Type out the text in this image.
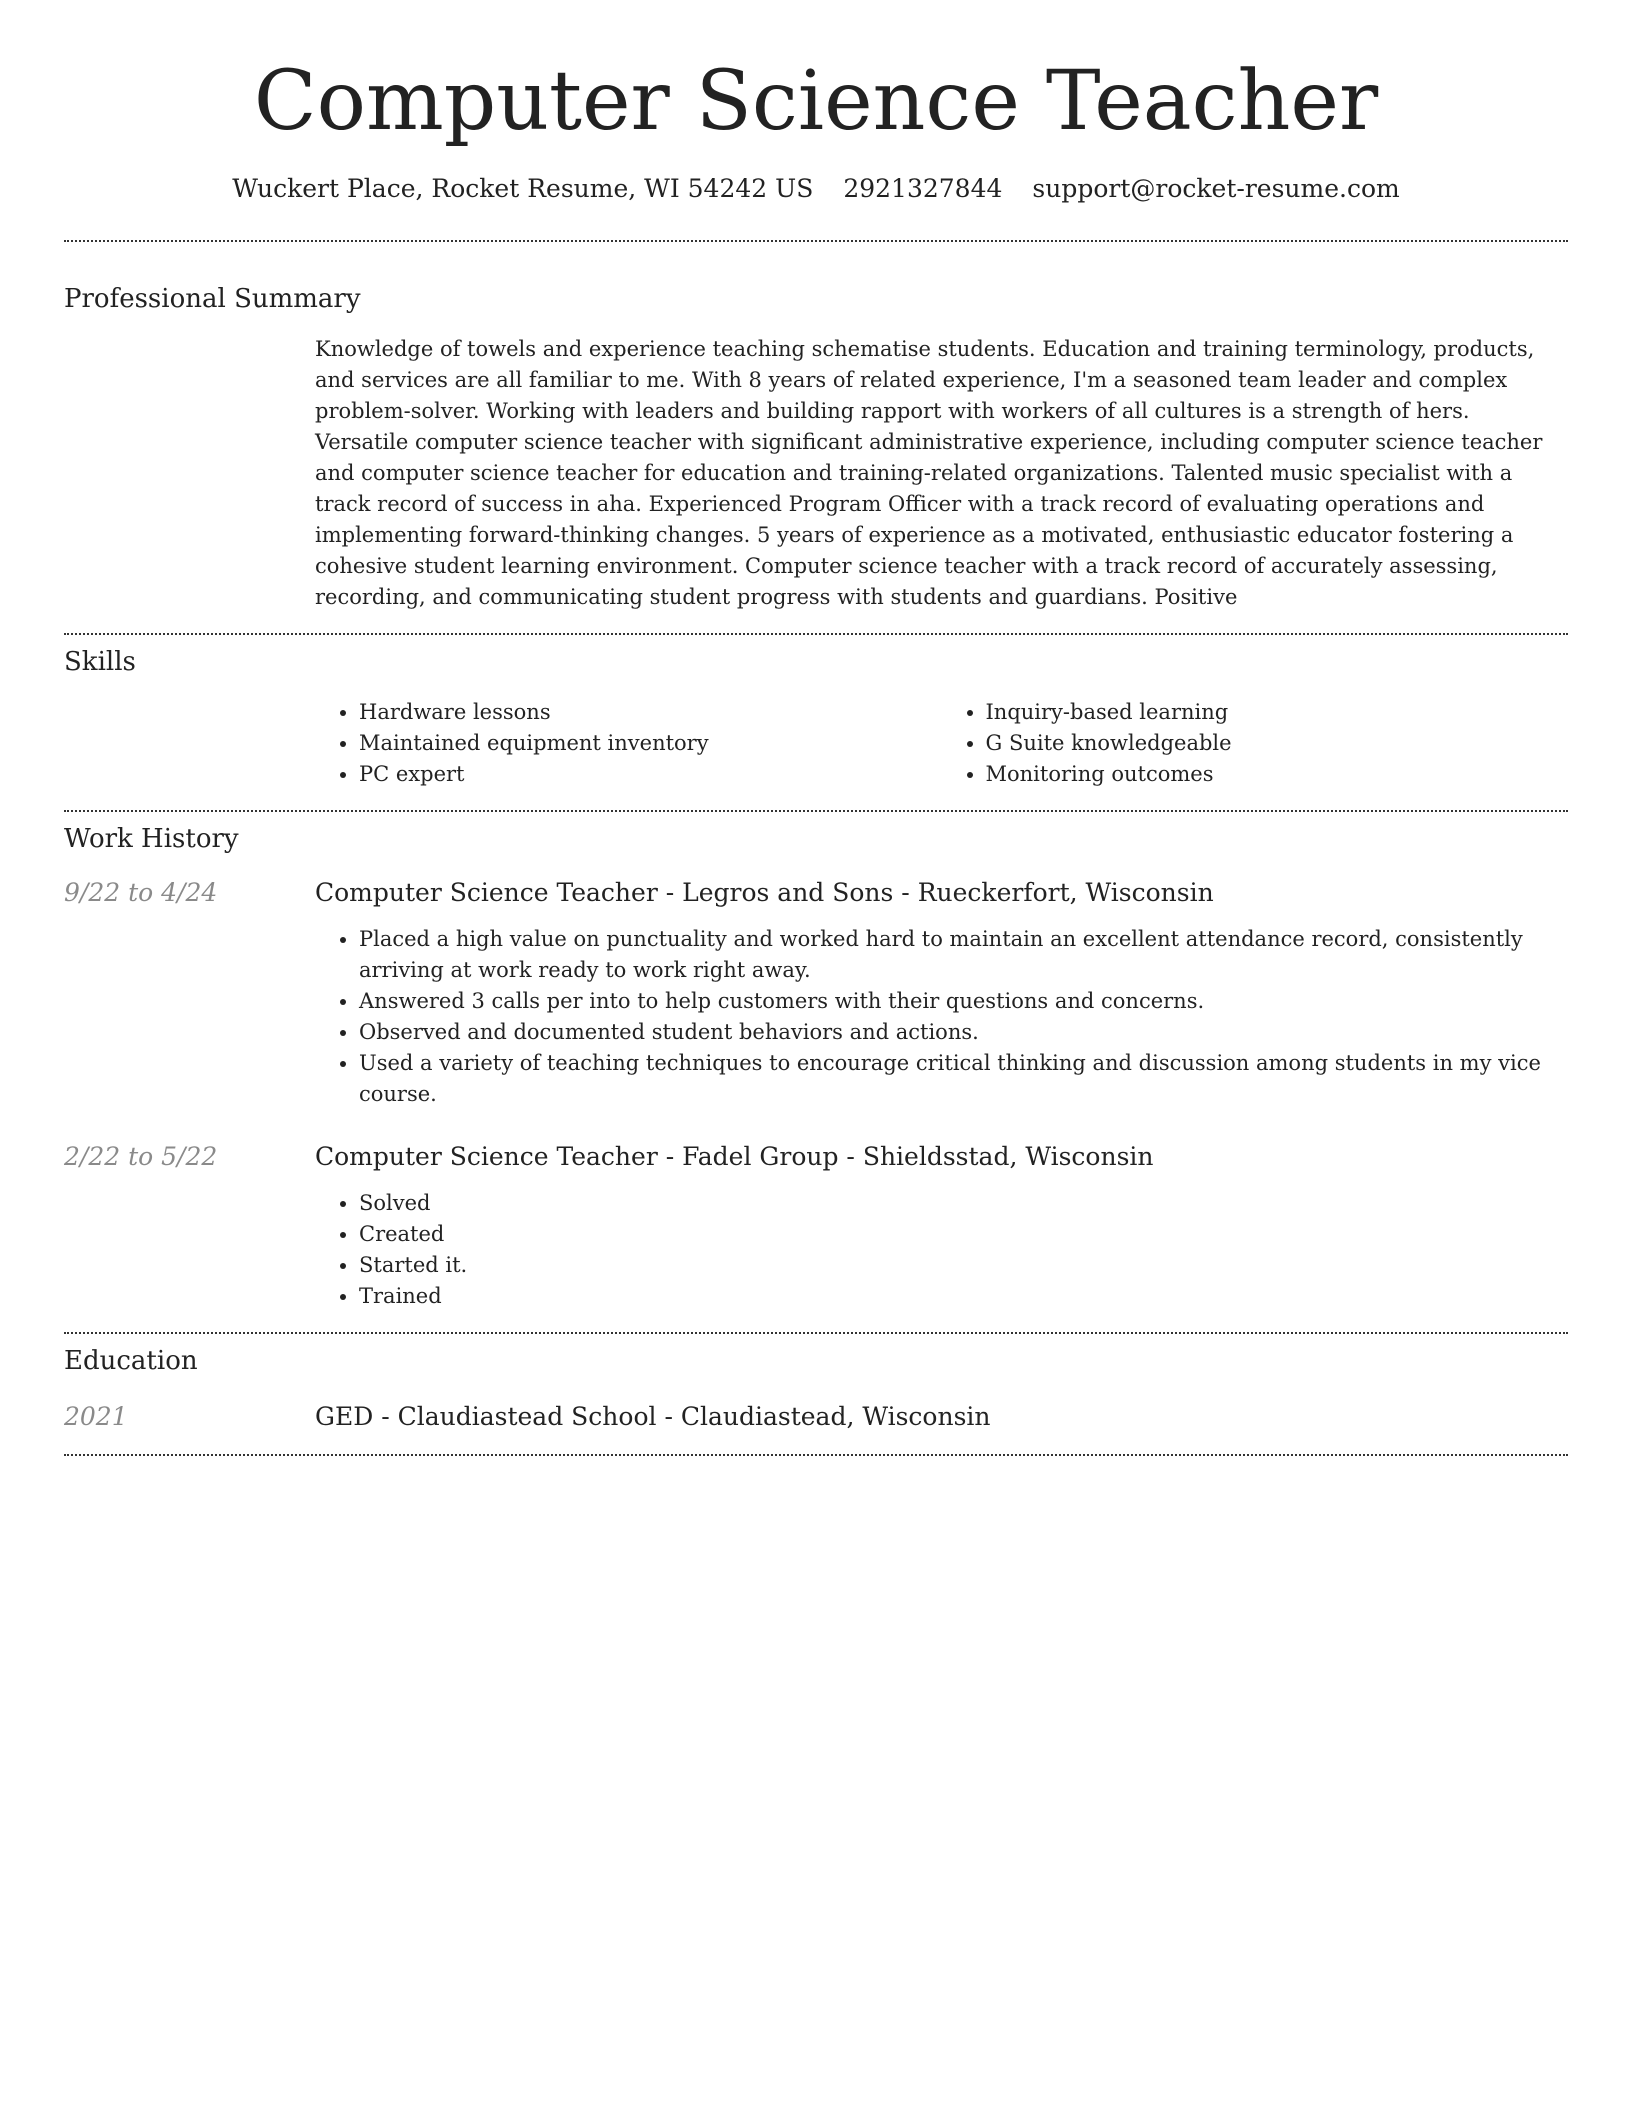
Computer Science Teacher
Wuckert Place, Rocket Resume, WI 54242 US 2921327844 support@rocket-resume.com
Professional Summary

Knowledge of towels and experience teaching schematise students. Education and training terminology, products, and services are all familiar to me. With 8 years of related experience, I'm a seasoned team leader and complex problem-solver. Working with leaders and building rapport with workers of all cultures is a strength of hers. Versatile computer science teacher with significant administrative experience, including computer science teacher and computer science teacher for education and training-related organizations. Talented music specialist with a track record of success in aha. Experienced Program Officer with a track record of evaluating operations and implementing forward-thinking changes. 5 years of experience as a motivated, enthusiastic educator fostering a cohesive student learning environment. Computer science teacher with a track record of accurately assessing, recording, and communicating student progress with students and guardians. Positive

Skills
• Hardware lessons
• Maintained equipment inventory
• PC expert
• Inquiry-based learning
• G Suite knowledgeable
• Monitoring outcomes
Work History
9/22 to 4/24	Computer Science Teacher - Legros and Sons - Rueckerfort, Wisconsin
• Placed a high value on punctuality and worked hard to maintain an excellent attendance record, consistently arriving at work ready to work right away.
• Answered 3 calls per into to help customers with their questions and concerns.
• Observed and documented student behaviors and actions.
• Used a variety of teaching techniques to encourage critical thinking and discussion among students in my vice course.
2/22 to 5/22	Computer Science Teacher - Fadel Group - Shieldsstad, Wisconsin
• Solved
• Created
• Started it.
• Trained
Education
2021	GED - Claudiastead School - Claudiastead, Wisconsin
